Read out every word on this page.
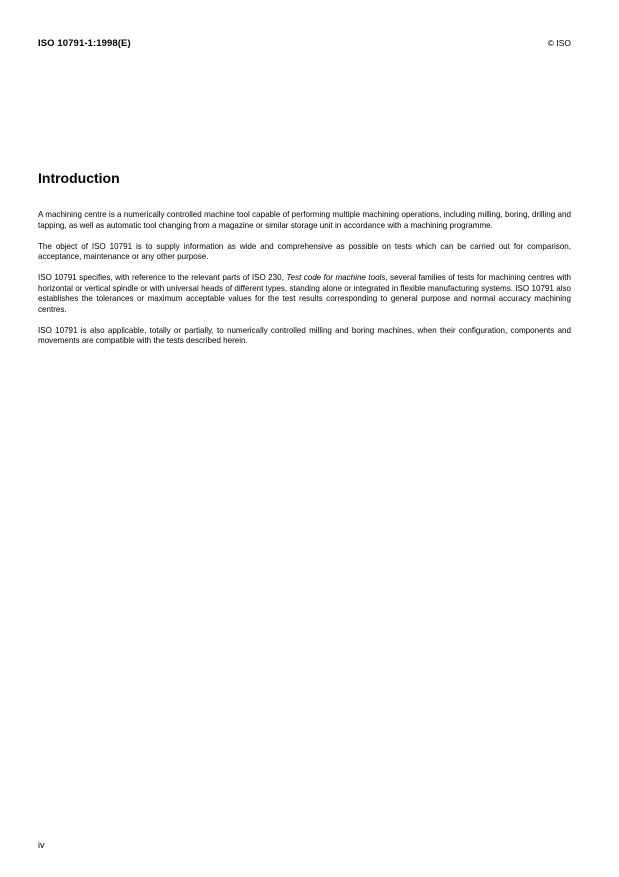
ISO 10791-1:1998(E)	© ISO
Introduction

A machining centre is a numerically controlled machine tool capable of performing multiple machining operations, including milling, boring, drilling and tapping, as well as automatic tool changing from a magazine or similar storage unit in accordance with a machining programme.

The object of ISO 10791 is to supply information as wide and comprehensive as possible on tests which can be carried out for comparison, acceptance, maintenance or any other purpose.

ISO 10791 specifies, with reference to the relevant parts of ISO 230, Test code for machine tools, several families of tests for machining centres with horizontal or vertical spindle or with universal heads of different types, standing alone or integrated in flexible manufacturing systems. ISO 10791 also establishes the tolerances or maximum acceptable values for the test results corresponding to general purpose and normal accuracy machining centres.

ISO 10791 is also applicable, totally or partially, to numerically controlled milling and boring machines, when their configuration, components and movements are compatible with the tests described herein.

iv
